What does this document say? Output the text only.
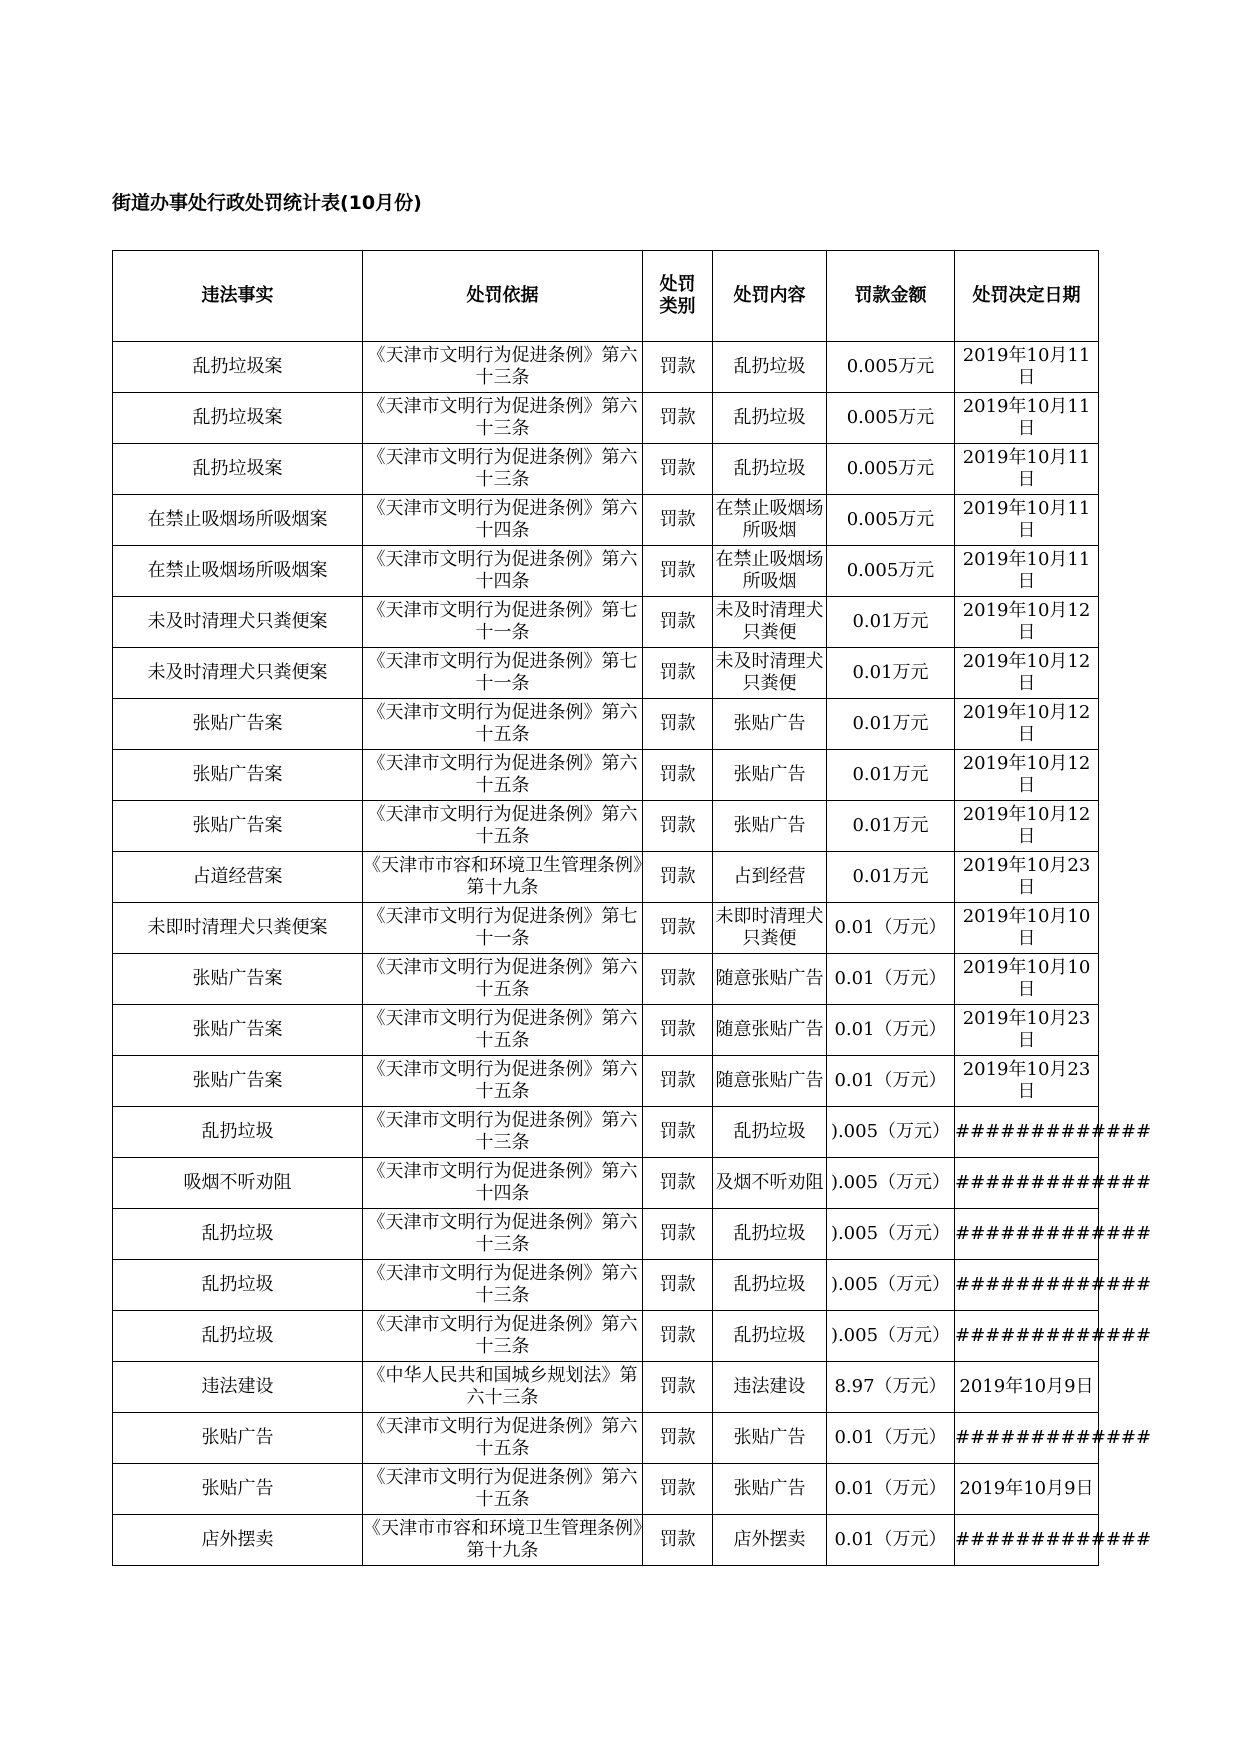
街道办事处行政处罚统计表(10月份)
违法事实	处罚依据	处罚类别	处罚内容	罚款金额	处罚决定日期

乱扔垃圾案	《天津市文明行为促进条例》第六十三条	罚款	乱扔垃圾	0.005万元	2019年10月11日

乱扔垃圾案	《天津市文明行为促进条例》第六十三条	罚款	乱扔垃圾	0.005万元	2019年10月11日

乱扔垃圾案	《天津市文明行为促进条例》第六十三条	罚款	乱扔垃圾	0.005万元	2019年10月11日

在禁止吸烟场所吸烟案	《天津市文明行为促进条例》第六十四条	罚款	在禁止吸烟场所吸烟	0.005万元	2019年10月11日

在禁止吸烟场所吸烟案	《天津市文明行为促进条例》第六十四条	罚款	在禁止吸烟场所吸烟	0.005万元	2019年10月11日

未及时清理犬只粪便案	《天津市文明行为促进条例》第七十一条	罚款	未及时清理犬只粪便	0.01万元	2019年10月12日

未及时清理犬只粪便案	《天津市文明行为促进条例》第七十一条	罚款	未及时清理犬只粪便	0.01万元	2019年10月12日

张贴广告案	《天津市文明行为促进条例》第六十五条	罚款	张贴广告	0.01万元	2019年10月12日

张贴广告案	《天津市文明行为促进条例》第六十五条	罚款	张贴广告	0.01万元	2019年10月12日

张贴广告案	《天津市文明行为促进条例》第六十五条	罚款	张贴广告	0.01万元	2019年10月12日

占道经营案	《天津市市容和环境卫生管理条例》第十九条	罚款	占到经营	0.01万元	2019年10月23日

未即时清理犬只粪便案	《天津市文明行为促进条例》第七十一条	罚款	未即时清理犬只粪便	0.01（万元）	2019年10月10日

张贴广告案	《天津市文明行为促进条例》第六十五条	罚款	随意张贴广告	0.01（万元）	2019年10月10日

张贴广告案	《天津市文明行为促进条例》第六十五条	罚款	随意张贴广告	0.01（万元）	2019年10月23日

张贴广告案	《天津市文明行为促进条例》第六十五条	罚款	随意张贴广告	0.01（万元）	2019年10月23日

乱扔垃圾	《天津市文明行为促进条例》第六十三条	罚款	乱扔垃圾	).005（万元）	#############

吸烟不听劝阻	《天津市文明行为促进条例》第六十四条	罚款	及烟不听劝阻	).005（万元）	#############

乱扔垃圾	《天津市文明行为促进条例》第六十三条	罚款	乱扔垃圾	).005（万元）	#############

乱扔垃圾	《天津市文明行为促进条例》第六十三条	罚款	乱扔垃圾	).005（万元）	#############

乱扔垃圾	《天津市文明行为促进条例》第六十三条	罚款	乱扔垃圾	).005（万元）	#############

违法建设	《中华人民共和国城乡规划法》第六十三条	罚款	违法建设	8.97（万元）	2019年10月9日

张贴广告	《天津市文明行为促进条例》第六十五条	罚款	张贴广告	0.01（万元）	#############

张贴广告	《天津市文明行为促进条例》第六十五条	罚款	张贴广告	0.01（万元）	2019年10月9日

店外摆卖	《天津市市容和环境卫生管理条例》第十九条	罚款	店外摆卖	0.01（万元）	#############
